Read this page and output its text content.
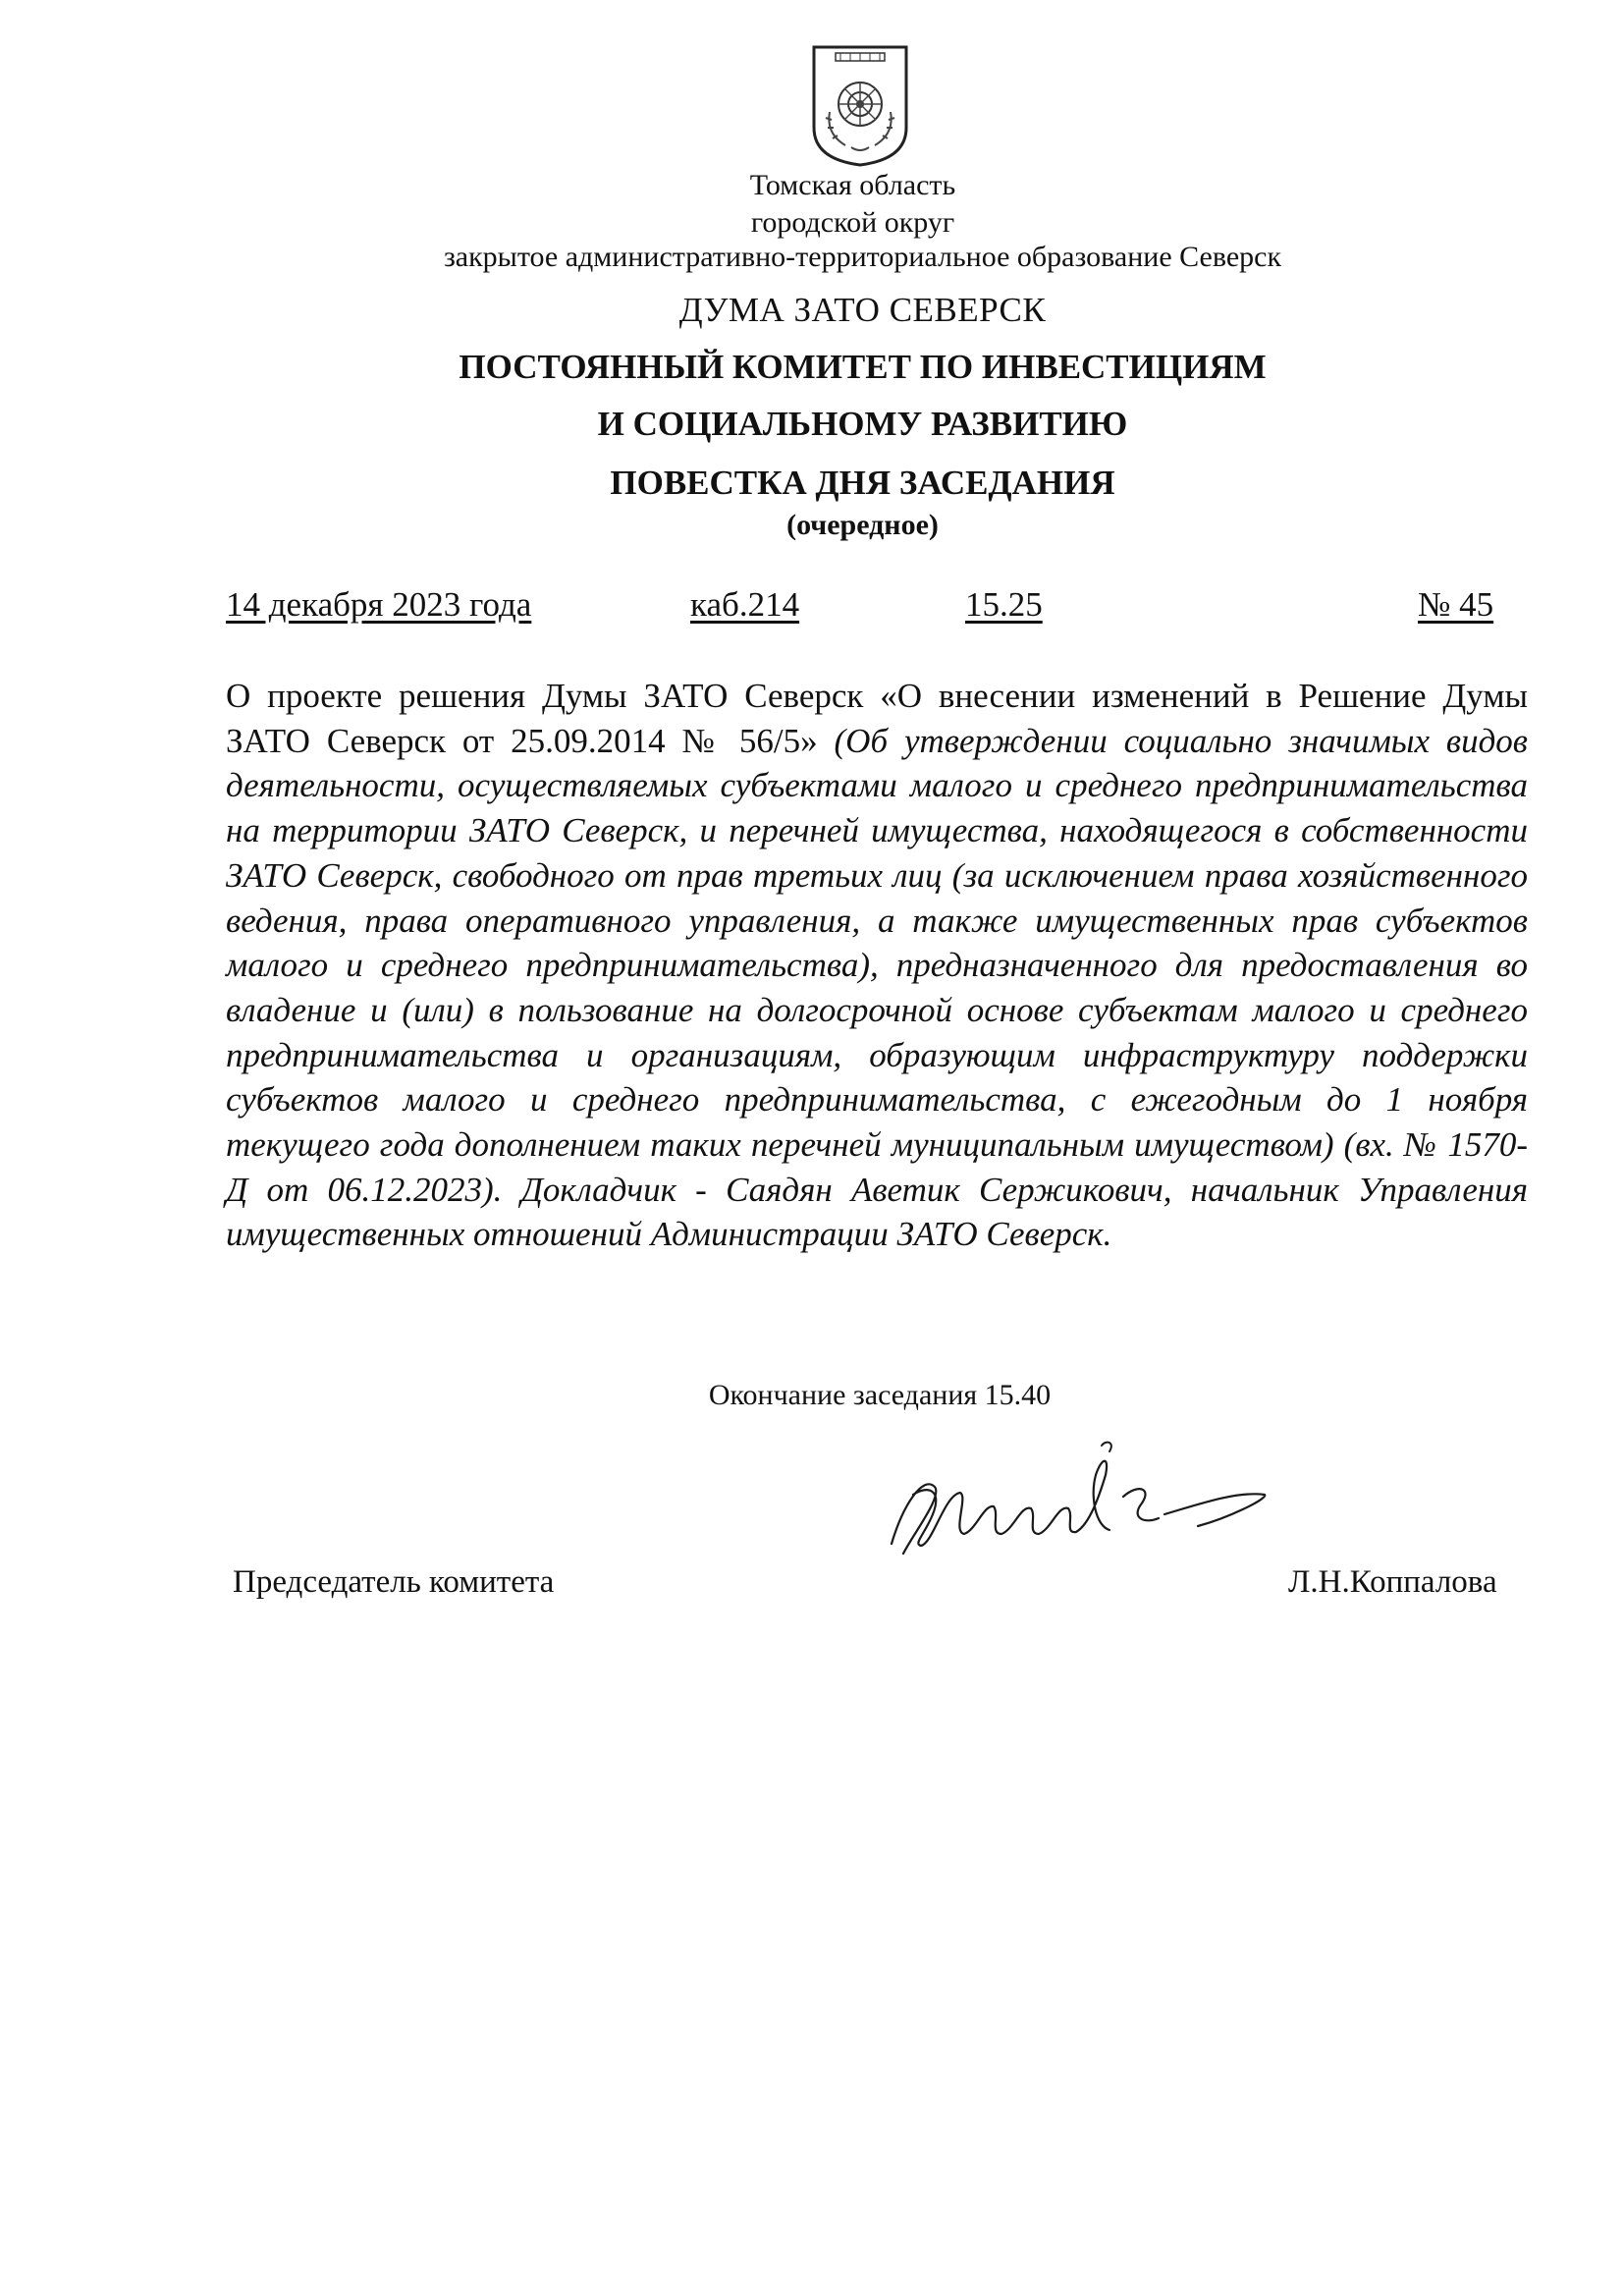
Томская область
городской округ
закрытое административно-территориальное образование Северск
ДУМА ЗАТО СЕВЕРСК
ПОСТОЯННЫЙ КОМИТЕТ ПО ИНВЕСТИЦИЯМ
И СОЦИАЛЬНОМУ РАЗВИТИЮ
ПОВЕСТКА ДНЯ ЗАСЕДАНИЯ
(очередное)
14 декабря 2023 года	каб.214	15.25	№ 45
О проекте решения Думы ЗАТО Северск «О внесении изменений в Решение Думы ЗАТО Северск от 25.09.2014 № 56/5» (Об утверждении социально значимых видов деятельности, осуществляемых субъектами малого и среднего предпринимательства на территории ЗАТО Северск, и перечней имущества, находящегося в собственности ЗАТО Северск, свободного от прав третьих лиц (за исключением права хозяйственного ведения, права оперативного управления, а также имущественных прав субъектов малого и среднего предпринимательства), предназначенного для предоставления во владение и (или) в пользование на долгосрочной основе субъектам малого и среднего предпринимательства и организациям, образующим инфраструктуру поддержки субъектов малого и среднего предпринимательства, с ежегодным до 1 ноября текущего года дополнением таких перечней муниципальным имуществом) (вх. № 1570-Д от 06.12.2023). Докладчик - Саядян Аветик Сержикович, начальник Управления имущественных отношений Администрации ЗАТО Северск.
Окончание заседания 15.40
Председатель комитета	Л.Н.Коппалова
